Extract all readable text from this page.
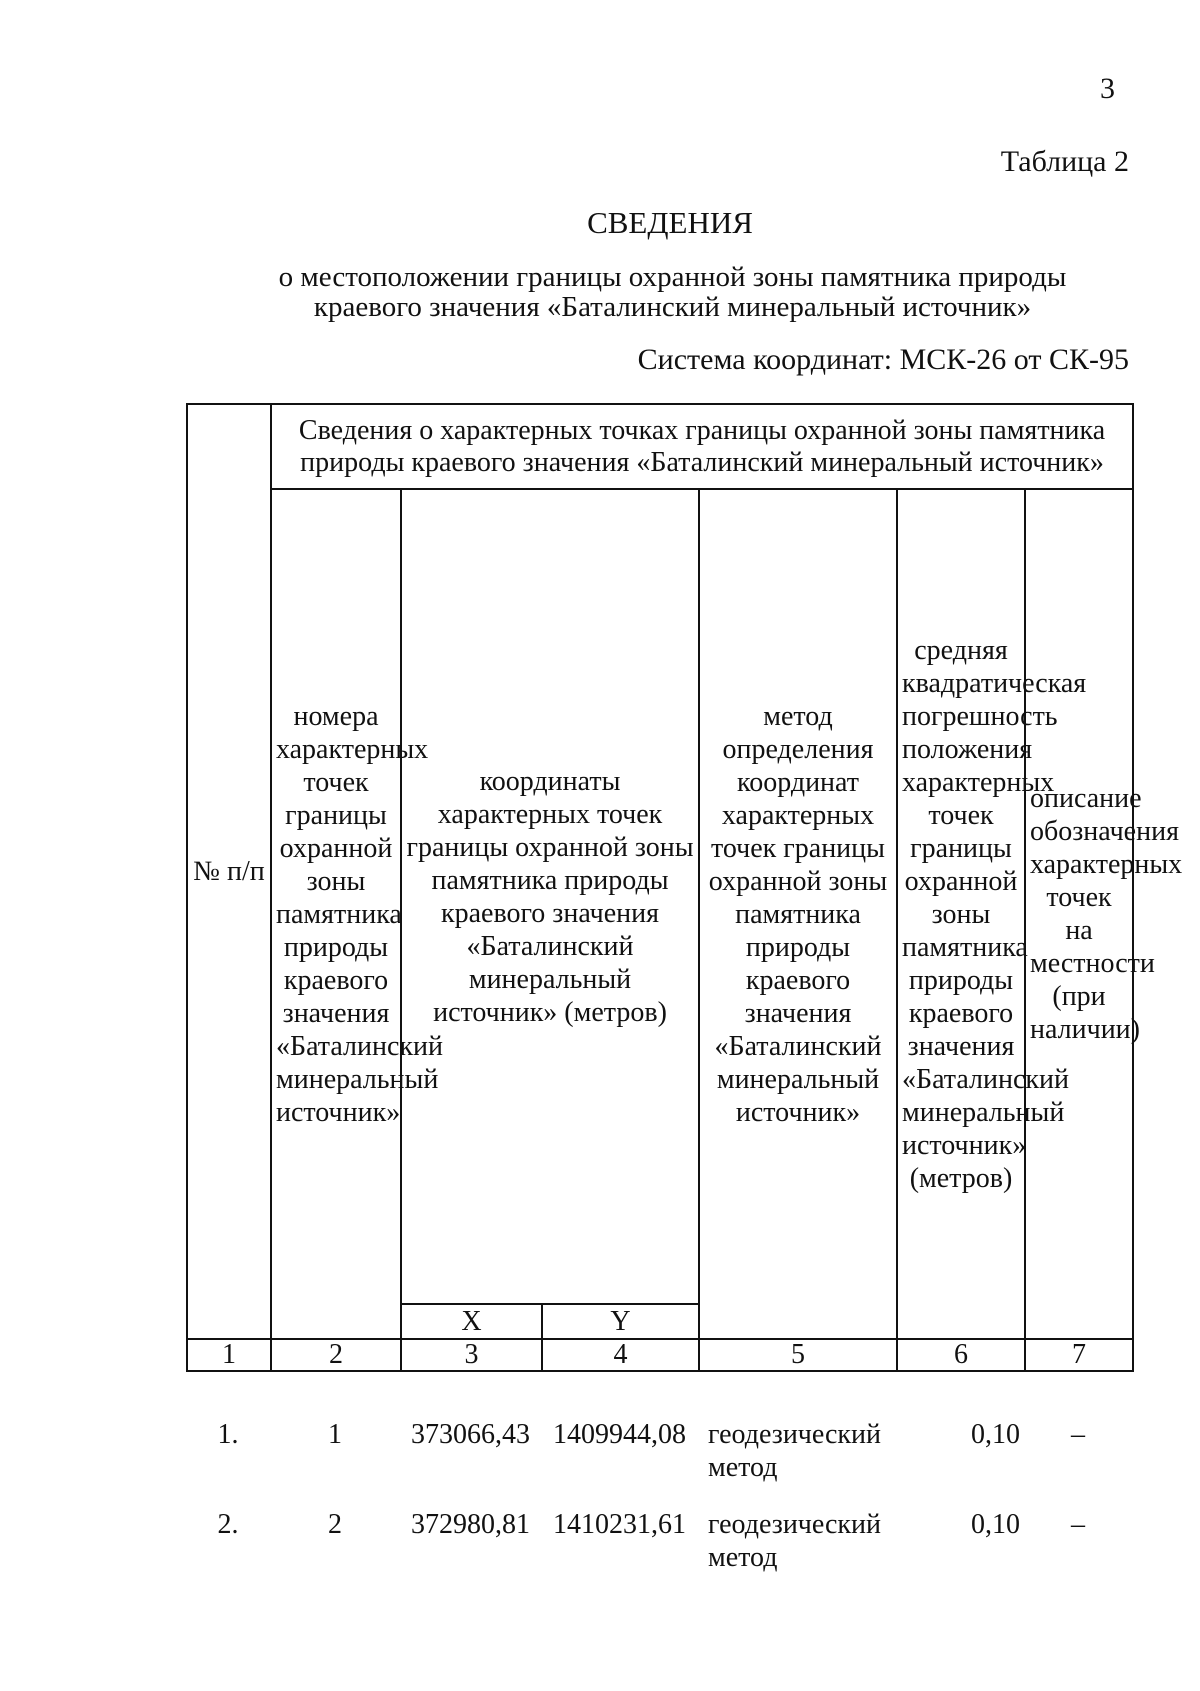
3
Таблица 2
СВЕДЕНИЯ
о местоположении границы охранной зоны памятника природы
краевого значения «Баталинский минеральный источник»
Система координат: МСК-26 от СК-95
№ п/п	Сведения о характерных точках границы охранной зоны памятника природы краевого значения «Баталинский минеральный источник»					
	номера характерных точек границы охранной зоны памятника природы краевого значения «Баталинский минеральный источник»	координаты характерных точек границы охранной зоны памятника природы краевого значения «Баталинский минеральный источник» (метров)		метод определения координат характерных точек границы охранной зоны памятника природы краевого значения «Баталинский минеральный источник»	средняя квадратическая погрешность положения характерных точек границы охранной зоны памятника природы краевого значения «Баталинский минеральный источник» (метров)	описание обозначения характерных точек на местности (при наличии)
		X	Y			
1	2	3	4	5	6	7
1.	1	373066,43	1409944,08	геодезический метод	0,10	–
2.	2	372980,81	1410231,61	геодезический метод	0,10	–
